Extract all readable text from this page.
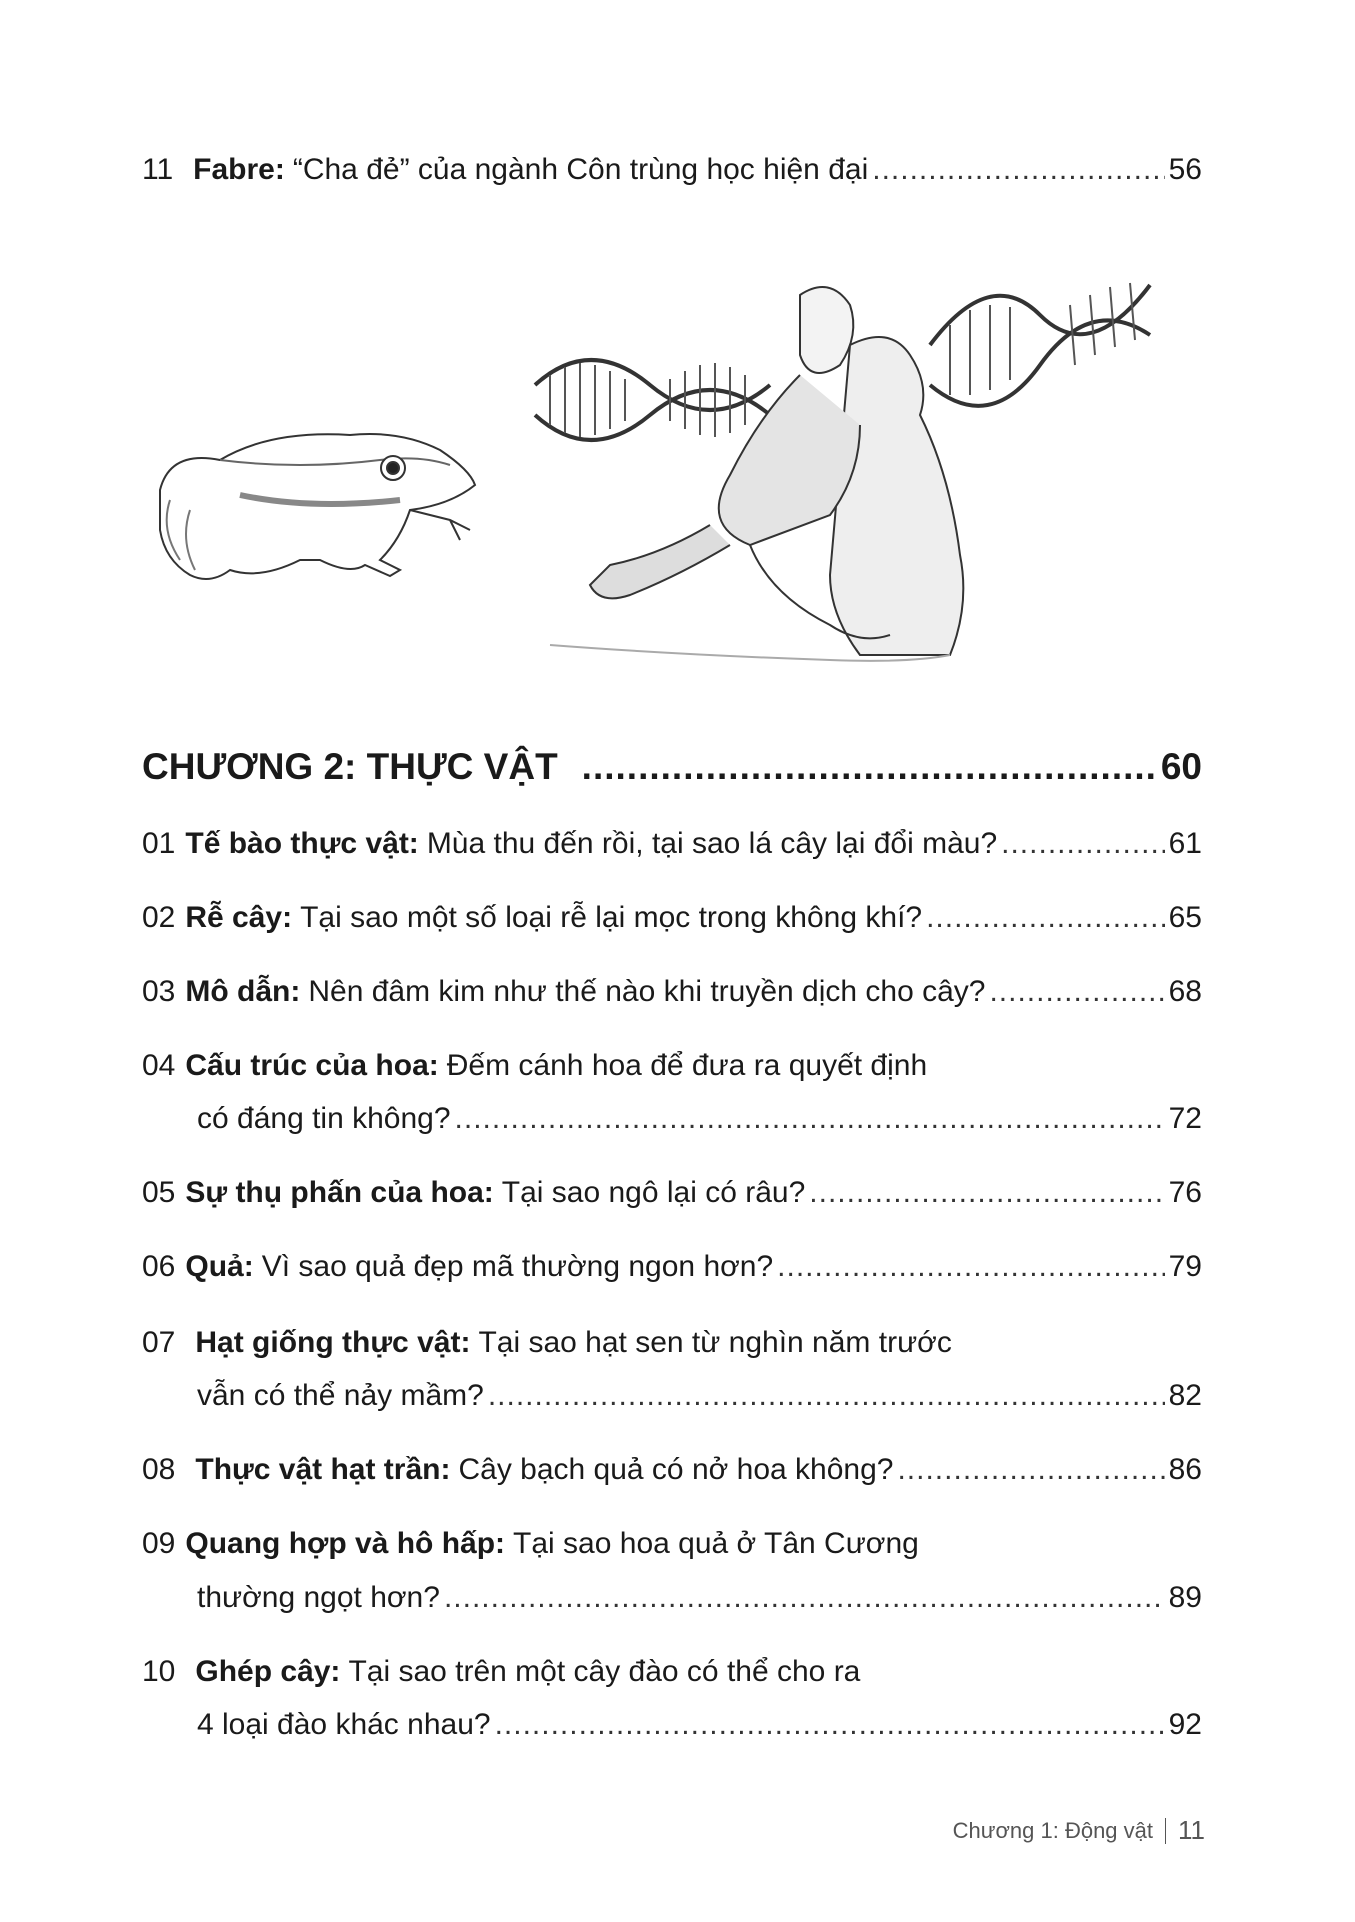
11 Fabre: “Cha đẻ” của ngành Côn trùng học hiện đại .....	56
CHƯƠNG 2: THỰC VẬT .....	60
01 Tế bào thực vật: Mùa thu đến rồi, tại sao lá cây lại đổi màu? .....	61
02 Rễ cây: Tại sao một số loại rễ lại mọc trong không khí? .....	65
03 Mô dẫn: Nên đâm kim như thế nào khi truyền dịch cho cây? .....	68
04 Cấu trúc của hoa: Đếm cánh hoa để đưa ra quyết định
có đáng tin không? .....	72
05 Sự thụ phấn của hoa: Tại sao ngô lại có râu? .....	76
06 Quả: Vì sao quả đẹp mã thường ngon hơn? .....	79
07 Hạt giống thực vật: Tại sao hạt sen từ nghìn năm trước
vẫn có thể nảy mầm? .....	82
08 Thực vật hạt trần: Cây bạch quả có nở hoa không? .....	86
09 Quang hợp và hô hấp: Tại sao hoa quả ở Tân Cương
thường ngọt hơn? .....	89
10 Ghép cây: Tại sao trên một cây đào có thể cho ra
4 loại đào khác nhau? .....	92
Chương 1: Động vật 11
